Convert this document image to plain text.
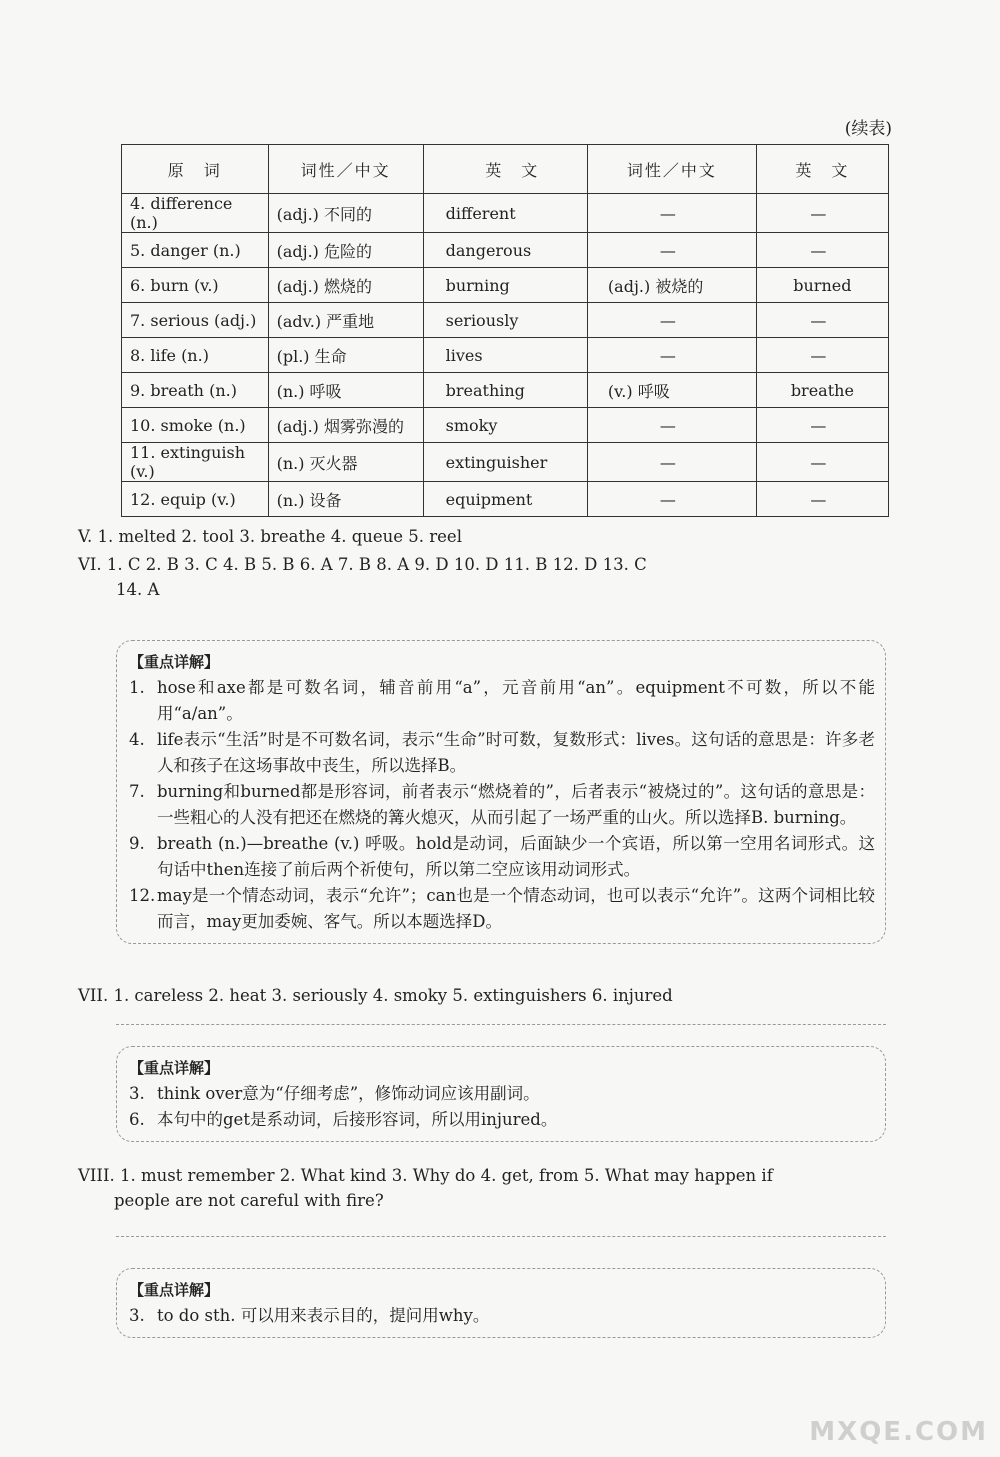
(续表)
原　词	词性／中文	英　文	词性／中文	英　文
4. difference (n.)	(adj.) 不同的	different	—	—
5. danger (n.)	(adj.) 危险的	dangerous	—	—
6. burn (v.)	(adj.) 燃烧的	burning	(adj.) 被烧的	burned
7. serious (adj.)	(adv.) 严重地	seriously	—	—
8. life (n.)	(pl.) 生命	lives	—	—
9. breath (n.)	(n.) 呼吸	breathing	(v.) 呼吸	breathe
10. smoke (n.)	(adj.) 烟雾弥漫的	smoky	—	—
11. extinguish (v.)	(n.) 灭火器	extinguisher	—	—
12. equip (v.)	(n.) 设备	equipment	—	—
V. 1. melted 2. tool 3. breathe 4. queue 5. reel
VI. 1. C 2. B 3. C 4. B 5. B 6. A 7. B 8. A 9. D 10. D 11. B 12. D 13. C
14. A
【重点详解】
1. hose和axe都是可数名词，辅音前用“a”，元音前用“an”。equipment不可数，所以不能用“a/an”。
4. life表示“生活”时是不可数名词，表示“生命”时可数，复数形式：lives。这句话的意思是：许多老人和孩子在这场事故中丧生，所以选择B。
7. burning和burned都是形容词，前者表示“燃烧着的”，后者表示“被烧过的”。这句话的意思是：一些粗心的人没有把还在燃烧的篝火熄灭，从而引起了一场严重的山火。所以选择B. burning。
9. breath (n.)—breathe (v.) 呼吸。hold是动词，后面缺少一个宾语，所以第一空用名词形式。这句话中then连接了前后两个祈使句，所以第二空应该用动词形式。
12. may是一个情态动词，表示“允许”；can也是一个情态动词，也可以表示“允许”。这两个词相比较而言，may更加委婉、客气。所以本题选择D。
VII. 1. careless 2. heat 3. seriously 4. smoky 5. extinguishers 6. injured
【重点详解】
3. think over意为“仔细考虑”，修饰动词应该用副词。
6. 本句中的get是系动词，后接形容词，所以用injured。
VIII. 1. must remember 2. What kind 3. Why do 4. get, from 5. What may happen if
people are not careful with fire?
【重点详解】
3. to do sth. 可以用来表示目的，提问用why。
MXQE.COM
